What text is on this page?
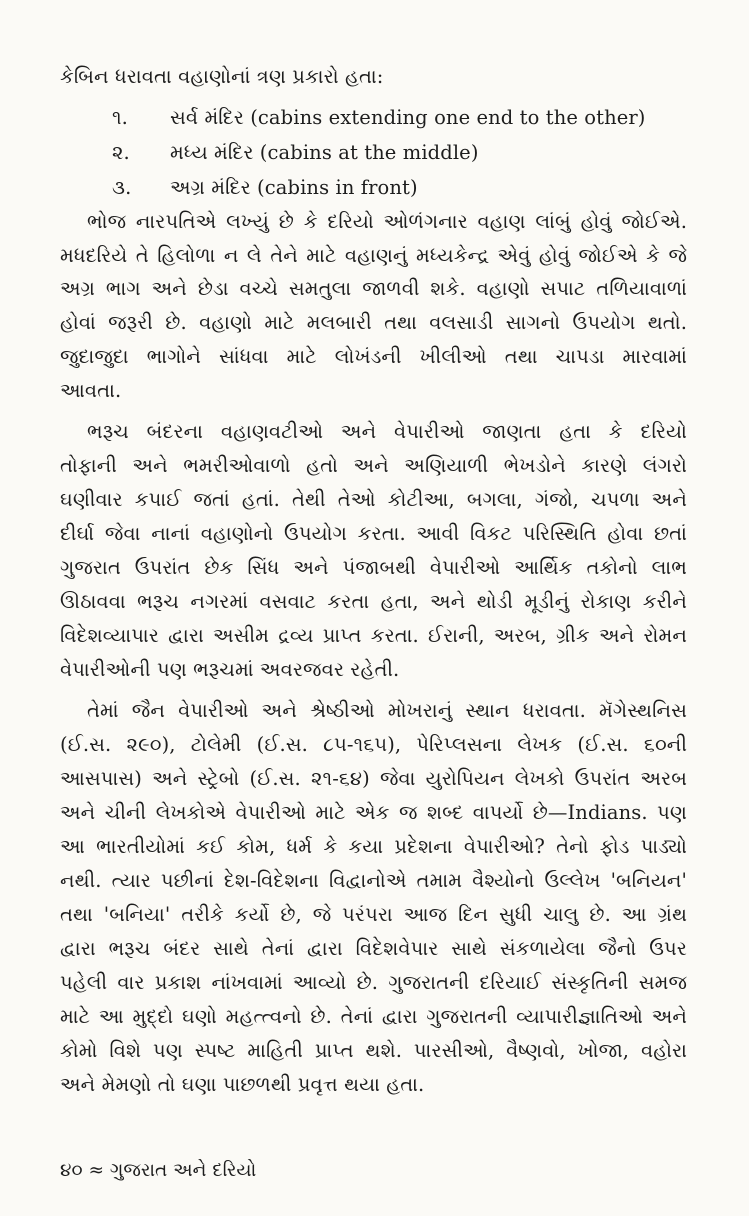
કેબિન ધરાવતા વહાણોનાં ત્રણ પ્રકારો હતા:
૧. સર્વ મંદિર (cabins extending one end to the other)
૨. મધ્ય મંદિર (cabins at the middle)
૩. અગ્ર મંદિર (cabins in front)
ભોજ નારપતિએ લખ્યું છે કે દરિયો ઓળંગનાર વહાણ લાંબું હોવું જોઈએ.
મધદરિયે તે હિલોળા ન લે તેને માટે વહાણનું મધ્યકેન્દ્ર એવું હોવું જોઈએ કે જે
અગ્ર ભાગ અને છેડા વચ્ચે સમતુલા જાળવી શકે. વહાણો સપાટ તળિયાવાળાં
હોવાં જરૂરી છે. વહાણો માટે મલબારી તથા વલસાડી સાગનો ઉપયોગ થતો.
જુદાજુદા ભાગોને સાંધવા માટે લોખંડની ખીલીઓ તથા ચાપડા મારવામાં
આવતા.
ભરૂચ બંદરના વહાણવટીઓ અને વેપારીઓ જાણતા હતા કે દરિયો
તોફાની અને ભમરીઓવાળો હતો અને અણિયાળી ભેખડોને કારણે લંગરો
ઘણીવાર કપાઈ જતાં હતાં. તેથી તેઓ કોટીઆ, બગલા, ગંજો, ચપળા અને
દીર્ઘા જેવા નાનાં વહાણોનો ઉપયોગ કરતા. આવી વિકટ પરિસ્થિતિ હોવા છતાં
ગુજરાત ઉપરાંત છેક સિંધ અને પંજાબથી વેપારીઓ આર્થિક તકોનો લાભ
ઊઠાવવા ભરૂચ નગરમાં વસવાટ કરતા હતા, અને થોડી મૂડીનું રોકાણ કરીને
વિદેશવ્યાપાર દ્વારા અસીમ દ્રવ્ય પ્રાપ્ત કરતા. ઈરાની, અરબ, ગ્રીક અને રોમન
વેપારીઓની પણ ભરૂચમાં અવરજવર રહેતી.
તેમાં જૈન વેપારીઓ અને શ્રેષ્ઠીઓ મોખરાનું સ્થાન ધરાવતા. મૅગેસ્થનિસ
(ઈ.સ. ૨૯૦), ટોલેમી (ઈ.સ. ૮૫-૧૬૫), પેરિપ્લસના લેખક (ઈ.સ. ૬૦ની
આસપાસ) અને સ્ટ્રેબો (ઈ.સ. ૨૧-૬૪) જેવા યુરોપિયન લેખકો ઉપરાંત અરબ
અને ચીની લેખકોએ વેપારીઓ માટે એક જ શબ્દ વાપર્યો છે—Indians. પણ
આ ભારતીયોમાં કઈ કોમ, ધર્મ કે કયા પ્રદેશના વેપારીઓ? તેનો ફોડ પાડ્યો
નથી. ત્યાર પછીનાં દેશ-વિદેશના વિદ્વાનોએ તમામ વૈશ્યોનો ઉલ્લેખ 'બનિયન'
તથા 'બનિયા' તરીકે કર્યો છે, જે પરંપરા આજ દિન સુધી ચાલુ છે. આ ગ્રંથ
દ્વારા ભરૂચ બંદર સાથે તેનાં દ્વારા વિદેશવેપાર સાથે સંકળાયેલા જૈનો ઉપર
પહેલી વાર પ્રકાશ નાંખવામાં આવ્યો છે. ગુજરાતની દરિયાઈ સંસ્કૃતિની સમજ
માટે આ મુદ્દો ઘણો મહત્ત્વનો છે. તેનાં દ્વારા ગુજરાતની વ્યાપારીજ્ઞાતિઓ અને
કોમો વિશે પણ સ્પષ્ટ માહિતી પ્રાપ્ત થશે. પારસીઓ, વૈષ્ણવો, ખોજા, વહોરા
અને મેમણો તો ઘણા પાછળથી પ્રવૃત્ત થયા હતા.
૪૦ ≈ ગુજરાત અને દરિયો
